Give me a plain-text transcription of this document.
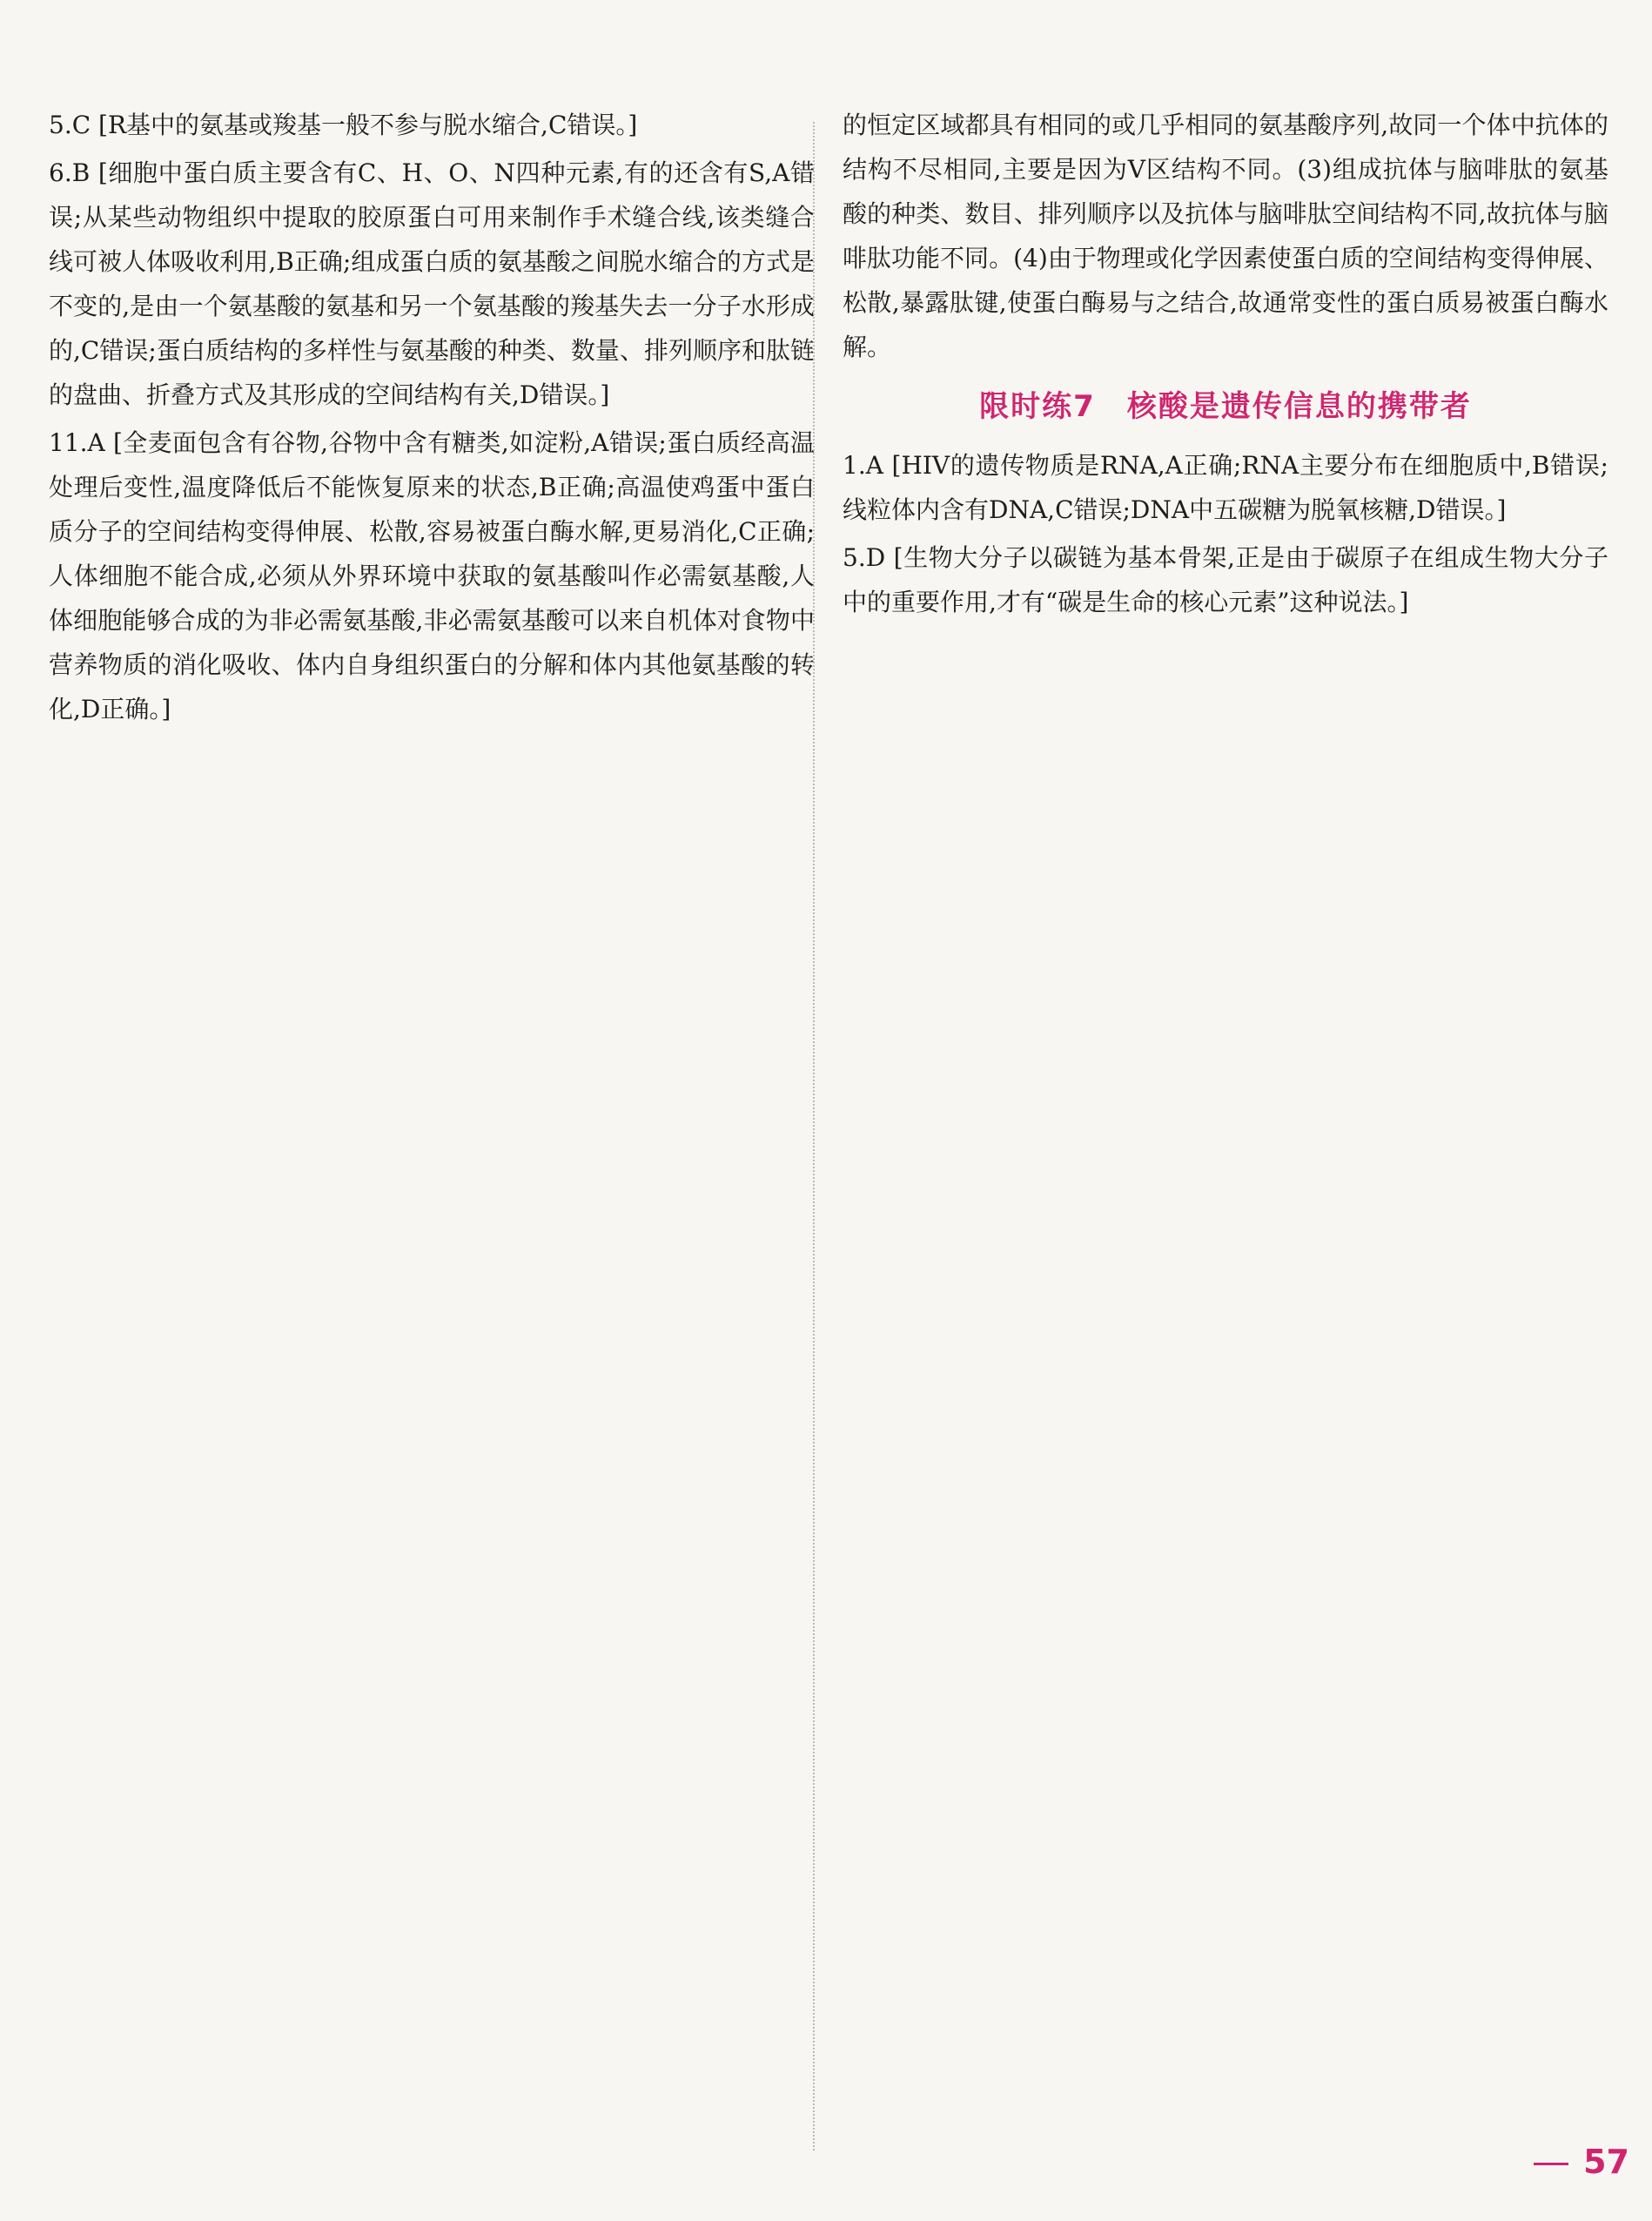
5.C [R基中的氨基或羧基一般不参与脱水缩合,C错误。]

6.B [细胞中蛋白质主要含有C、H、O、N四种元素,有的还含有S,A错误;从某些动物组织中提取的胶原蛋白可用来制作手术缝合线,该类缝合线可被人体吸收利用,B正确;组成蛋白质的氨基酸之间脱水缩合的方式是不变的,是由一个氨基酸的氨基和另一个氨基酸的羧基失去一分子水形成的,C错误;蛋白质结构的多样性与氨基酸的种类、数量、排列顺序和肽链的盘曲、折叠方式及其形成的空间结构有关,D错误。]

11.A [全麦面包含有谷物,谷物中含有糖类,如淀粉,A错误;蛋白质经高温处理后变性,温度降低后不能恢复原来的状态,B正确;高温使鸡蛋中蛋白质分子的空间结构变得伸展、松散,容易被蛋白酶水解,更易消化,C正确;人体细胞不能合成,必须从外界环境中获取的氨基酸叫作必需氨基酸,人体细胞能够合成的为非必需氨基酸,非必需氨基酸可以来自机体对食物中营养物质的消化吸收、体内自身组织蛋白的分解和体内其他氨基酸的转化,D正确。]

的恒定区域都具有相同的或几乎相同的氨基酸序列,故同一个体中抗体的结构不尽相同,主要是因为V区结构不同。(3)组成抗体与脑啡肽的氨基酸的种类、数目、排列顺序以及抗体与脑啡肽空间结构不同,故抗体与脑啡肽功能不同。(4)由于物理或化学因素使蛋白质的空间结构变得伸展、松散,暴露肽键,使蛋白酶易与之结合,故通常变性的蛋白质易被蛋白酶水解。

限时练7　核酸是遗传信息的携带者

1.A [HIV的遗传物质是RNA,A正确;RNA主要分布在细胞质中,B错误;线粒体内含有DNA,C错误;DNA中五碳糖为脱氧核糖,D错误。]

5.D [生物大分子以碳链为基本骨架,正是由于碳原子在组成生物大分子中的重要作用,才有“碳是生命的核心元素”这种说法。]

57
